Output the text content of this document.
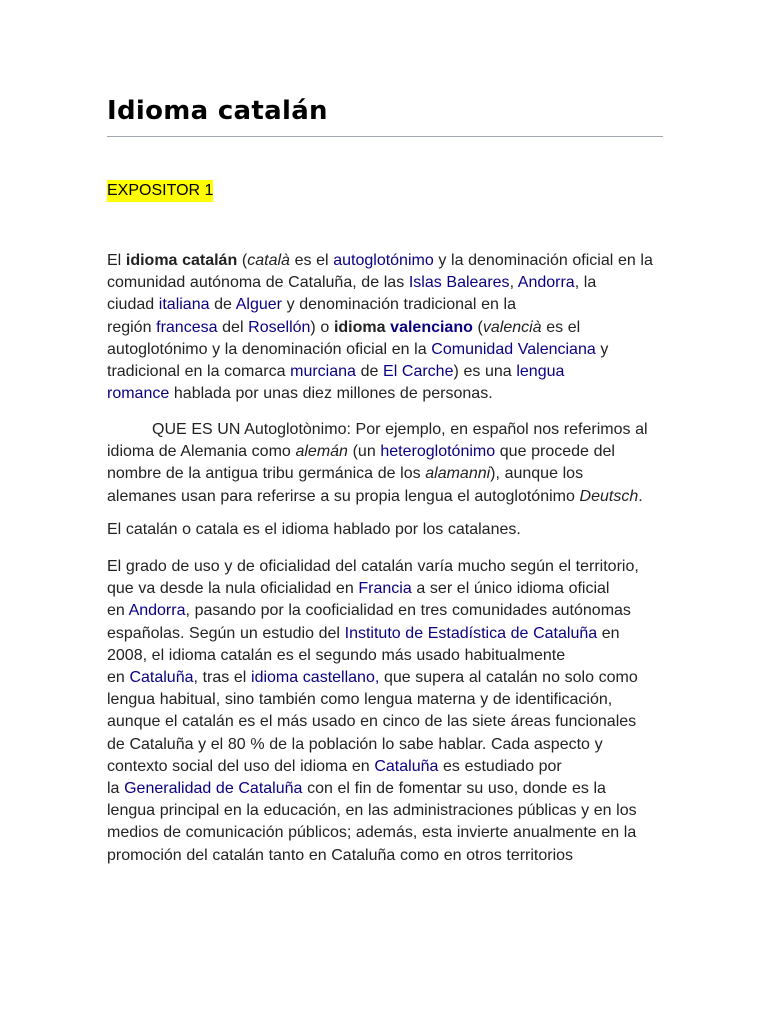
Idioma catalán
EXPOSITOR 1
El idioma catalán (català es el autoglotónimo y la denominación oficial en la
comunidad autónoma de Cataluña, de las Islas Baleares, Andorra, la
ciudad italiana de Alguer y denominación tradicional en la
región francesa del Rosellón) o idioma valenciano (valencià es el
autoglotónimo y la denominación oficial en la Comunidad Valenciana y
tradicional en la comarca murciana de El Carche) es una lengua
romance hablada por unas diez millones de personas.
QUE ES UN Autoglotònimo: Por ejemplo, en español nos referimos al
idioma de Alemania como alemán (un heteroglotónimo que procede del
nombre de la antigua tribu germánica de los alamanni), aunque los
alemanes usan para referirse a su propia lengua el autoglotónimo Deutsch.
El catalán o catala es el idioma hablado por los catalanes.
El grado de uso y de oficialidad del catalán varía mucho según el territorio,
que va desde la nula oficialidad en Francia a ser el único idioma oficial
en Andorra, pasando por la cooficialidad en tres comunidades autónomas
españolas. Según un estudio del Instituto de Estadística de Cataluña en
2008, el idioma catalán es el segundo más usado habitualmente
en Cataluña, tras el idioma castellano, que supera al catalán no solo como
lengua habitual, sino también como lengua materna y de identificación,
aunque el catalán es el más usado en cinco de las siete áreas funcionales
de Cataluña y el 80 % de la población lo sabe hablar. Cada aspecto y
contexto social del uso del idioma en Cataluña es estudiado por
la Generalidad de Cataluña con el fin de fomentar su uso, donde es la
lengua principal en la educación, en las administraciones públicas y en los
medios de comunicación públicos; además, esta invierte anualmente en la
promoción del catalán tanto en Cataluña como en otros territorios
